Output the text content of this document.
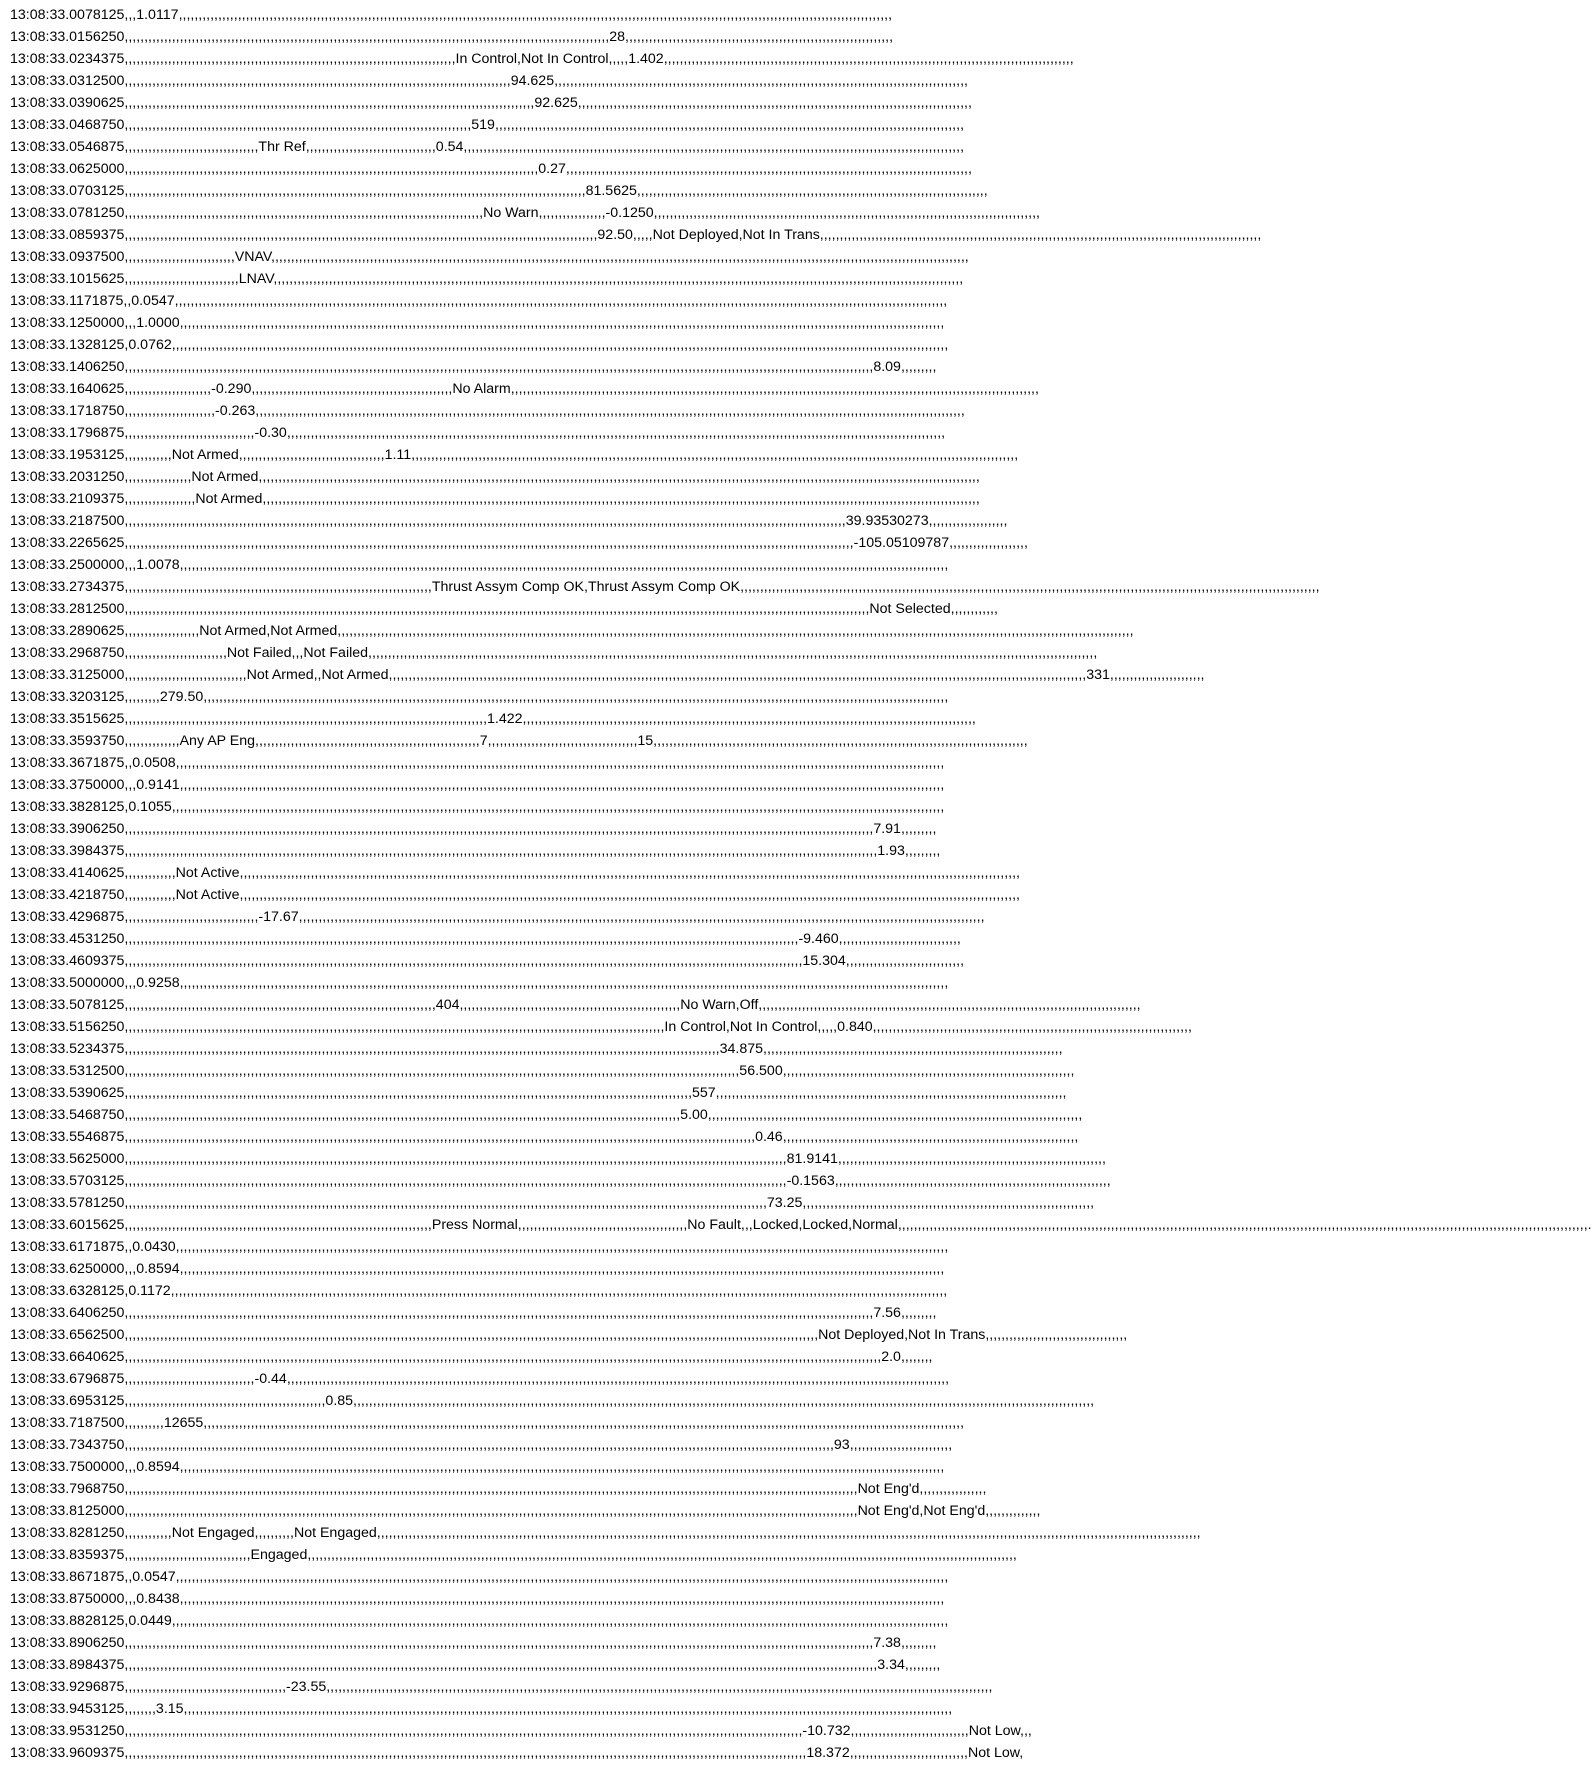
13:08:33.0078125,,,1.0117,,,,,,,,,,,,,,,,,,,,,,,,,,,,,,,,,,,,,,,,,,,,,,,,,,,,,,,,,,,,,,,,,,,,,,,,,,,,,,,,,,,,,,,,,,,,,,,,,,,,,,,,,,,,,,,,,,,,,,,,,,,,,,,,,,,,,,,,,,,,,,,,,,,,,,,,,,,,,,,,,,,,,,,,,,,,,,,,,,,,,
13:08:33.0156250,,,,,,,,,,,,,,,,,,,,,,,,,,,,,,,,,,,,,,,,,,,,,,,,,,,,,,,,,,,,,,,,,,,,,,,,,,,,,,,,,,,,,,,,,,,,,,,,,,,,,,,,,,,,,,,,,,,,,,,,,,,28,,,,,,,,,,,,,,,,,,,,,,,,,,,,,,,,,,,,,,,,,,,,,,,,,,,,,,,,,,,,,,,,,,,,
13:08:33.0234375,,,,,,,,,,,,,,,,,,,,,,,,,,,,,,,,,,,,,,,,,,,,,,,,,,,,,,,,,,,,,,,,,,,,,,,,,,,,,,,,,,,,In Control,Not In Control,,,,,1.402,,,,,,,,,,,,,,,,,,,,,,,,,,,,,,,,,,,,,,,,,,,,,,,,,,,,,,,,,,,,,,,,,,,,,,,,,,,,,,,,,,,,,,,,,,,,,,,,,,,,,,,,
13:08:33.0312500,,,,,,,,,,,,,,,,,,,,,,,,,,,,,,,,,,,,,,,,,,,,,,,,,,,,,,,,,,,,,,,,,,,,,,,,,,,,,,,,,,,,,,,,,,,,,,,,,,94.625,,,,,,,,,,,,,,,,,,,,,,,,,,,,,,,,,,,,,,,,,,,,,,,,,,,,,,,,,,,,,,,,,,,,,,,,,,,,,,,,,,,,,,,,,,,,,,,,,,,,,,,,,
13:08:33.0390625,,,,,,,,,,,,,,,,,,,,,,,,,,,,,,,,,,,,,,,,,,,,,,,,,,,,,,,,,,,,,,,,,,,,,,,,,,,,,,,,,,,,,,,,,,,,,,,,,,,,,,,,92.625,,,,,,,,,,,,,,,,,,,,,,,,,,,,,,,,,,,,,,,,,,,,,,,,,,,,,,,,,,,,,,,,,,,,,,,,,,,,,,,,,,,,,,,,,,,,,,,,,,,,
13:08:33.0468750,,,,,,,,,,,,,,,,,,,,,,,,,,,,,,,,,,,,,,,,,,,,,,,,,,,,,,,,,,,,,,,,,,,,,,,,,,,,,,,,,,,,,,,,519,,,,,,,,,,,,,,,,,,,,,,,,,,,,,,,,,,,,,,,,,,,,,,,,,,,,,,,,,,,,,,,,,,,,,,,,,,,,,,,,,,,,,,,,,,,,,,,,,,,,,,,,,,,,,,,,,,,,,,,
13:08:33.0546875,,,,,,,,,,,,,,,,,,,,,,,,,,,,,,,,,,Thr Ref,,,,,,,,,,,,,,,,,,,,,,,,,,,,,,,,,0.54,,,,,,,,,,,,,,,,,,,,,,,,,,,,,,,,,,,,,,,,,,,,,,,,,,,,,,,,,,,,,,,,,,,,,,,,,,,,,,,,,,,,,,,,,,,,,,,,,,,,,,,,,,,,,,,,,,,,,,,,,,,,,,,
13:08:33.0625000,,,,,,,,,,,,,,,,,,,,,,,,,,,,,,,,,,,,,,,,,,,,,,,,,,,,,,,,,,,,,,,,,,,,,,,,,,,,,,,,,,,,,,,,,,,,,,,,,,,,,,,,,0.27,,,,,,,,,,,,,,,,,,,,,,,,,,,,,,,,,,,,,,,,,,,,,,,,,,,,,,,,,,,,,,,,,,,,,,,,,,,,,,,,,,,,,,,,,,,,,,,,,,,,,,,
13:08:33.0703125,,,,,,,,,,,,,,,,,,,,,,,,,,,,,,,,,,,,,,,,,,,,,,,,,,,,,,,,,,,,,,,,,,,,,,,,,,,,,,,,,,,,,,,,,,,,,,,,,,,,,,,,,,,,,,,,,,,,,81.5625,,,,,,,,,,,,,,,,,,,,,,,,,,,,,,,,,,,,,,,,,,,,,,,,,,,,,,,,,,,,,,,,,,,,,,,,,,,,,,,,,,,,,,,,,
13:08:33.0781250,,,,,,,,,,,,,,,,,,,,,,,,,,,,,,,,,,,,,,,,,,,,,,,,,,,,,,,,,,,,,,,,,,,,,,,,,,,,,,,,,,,,,,,,,,,No Warn,,,,,,,,,,,,,,,,,-0.1250,,,,,,,,,,,,,,,,,,,,,,,,,,,,,,,,,,,,,,,,,,,,,,,,,,,,,,,,,,,,,,,,,,,,,,,,,,,,,,,,,,,,,,,,,,,,,,,,,,
13:08:33.0859375,,,,,,,,,,,,,,,,,,,,,,,,,,,,,,,,,,,,,,,,,,,,,,,,,,,,,,,,,,,,,,,,,,,,,,,,,,,,,,,,,,,,,,,,,,,,,,,,,,,,,,,,,,,,,,,,,,,,,,,,92.50,,,,,Not Deployed,Not In Trans,,,,,,,,,,,,,,,,,,,,,,,,,,,,,,,,,,,,,,,,,,,,,,,,,,,,,,,,,,,,,,,,,,,,,,,,,,,,,,,,,,,,,,,,,,,,,,,,,,,,,,,,,,,,,,,,
13:08:33.0937500,,,,,,,,,,,,,,,,,,,,,,,,,,,,VNAV,,,,,,,,,,,,,,,,,,,,,,,,,,,,,,,,,,,,,,,,,,,,,,,,,,,,,,,,,,,,,,,,,,,,,,,,,,,,,,,,,,,,,,,,,,,,,,,,,,,,,,,,,,,,,,,,,,,,,,,,,,,,,,,,,,,,,,,,,,,,,,,,,,,,,,,,,,,,,,,,,,,,,,,,,,,,,,,,,
13:08:33.1015625,,,,,,,,,,,,,,,,,,,,,,,,,,,,,LNAV,,,,,,,,,,,,,,,,,,,,,,,,,,,,,,,,,,,,,,,,,,,,,,,,,,,,,,,,,,,,,,,,,,,,,,,,,,,,,,,,,,,,,,,,,,,,,,,,,,,,,,,,,,,,,,,,,,,,,,,,,,,,,,,,,,,,,,,,,,,,,,,,,,,,,,,,,,,,,,,,,,,,,,,,,,,,,,,
13:08:33.1171875,,0.0547,,,,,,,,,,,,,,,,,,,,,,,,,,,,,,,,,,,,,,,,,,,,,,,,,,,,,,,,,,,,,,,,,,,,,,,,,,,,,,,,,,,,,,,,,,,,,,,,,,,,,,,,,,,,,,,,,,,,,,,,,,,,,,,,,,,,,,,,,,,,,,,,,,,,,,,,,,,,,,,,,,,,,,,,,,,,,,,,,,,,,,,,,,,,,,,,,,,,
13:08:33.1250000,,,1.0000,,,,,,,,,,,,,,,,,,,,,,,,,,,,,,,,,,,,,,,,,,,,,,,,,,,,,,,,,,,,,,,,,,,,,,,,,,,,,,,,,,,,,,,,,,,,,,,,,,,,,,,,,,,,,,,,,,,,,,,,,,,,,,,,,,,,,,,,,,,,,,,,,,,,,,,,,,,,,,,,,,,,,,,,,,,,,,,,,,,,,,,,,,,,,,,,,,
13:08:33.1328125,0.0762,,,,,,,,,,,,,,,,,,,,,,,,,,,,,,,,,,,,,,,,,,,,,,,,,,,,,,,,,,,,,,,,,,,,,,,,,,,,,,,,,,,,,,,,,,,,,,,,,,,,,,,,,,,,,,,,,,,,,,,,,,,,,,,,,,,,,,,,,,,,,,,,,,,,,,,,,,,,,,,,,,,,,,,,,,,,,,,,,,,,,,,,,,,,,,,,,,,,,
13:08:33.1406250,,,,,,,,,,,,,,,,,,,,,,,,,,,,,,,,,,,,,,,,,,,,,,,,,,,,,,,,,,,,,,,,,,,,,,,,,,,,,,,,,,,,,,,,,,,,,,,,,,,,,,,,,,,,,,,,,,,,,,,,,,,,,,,,,,,,,,,,,,,,,,,,,,,,,,,,,,,,,,,,,,,,,,,,,,,,,,,,,,,,,,,,,,,,,,8.09,,,,,,,,,
13:08:33.1640625,,,,,,,,,,,,,,,,,,,,,,-0.290,,,,,,,,,,,,,,,,,,,,,,,,,,,,,,,,,,,,,,,,,,,,,,,,,,,No Alarm,,,,,,,,,,,,,,,,,,,,,,,,,,,,,,,,,,,,,,,,,,,,,,,,,,,,,,,,,,,,,,,,,,,,,,,,,,,,,,,,,,,,,,,,,,,,,,,,,,,,,,,,,,,,,,,,,,,,,,,,,,,,,,,,,,,,,,
13:08:33.1718750,,,,,,,,,,,,,,,,,,,,,,,-0.263,,,,,,,,,,,,,,,,,,,,,,,,,,,,,,,,,,,,,,,,,,,,,,,,,,,,,,,,,,,,,,,,,,,,,,,,,,,,,,,,,,,,,,,,,,,,,,,,,,,,,,,,,,,,,,,,,,,,,,,,,,,,,,,,,,,,,,,,,,,,,,,,,,,,,,,,,,,,,,,,,,,,,,,,,,,,,,,,,,,,
13:08:33.1796875,,,,,,,,,,,,,,,,,,,,,,,,,,,,,,,,,-0.30,,,,,,,,,,,,,,,,,,,,,,,,,,,,,,,,,,,,,,,,,,,,,,,,,,,,,,,,,,,,,,,,,,,,,,,,,,,,,,,,,,,,,,,,,,,,,,,,,,,,,,,,,,,,,,,,,,,,,,,,,,,,,,,,,,,,,,,,,,,,,,,,,,,,,,,,,,,,,,,,,,,,,,,
13:08:33.1953125,,,,,,,,,,,,Not Armed,,,,,,,,,,,,,,,,,,,,,,,,,,,,,,,,,,,,,1.11,,,,,,,,,,,,,,,,,,,,,,,,,,,,,,,,,,,,,,,,,,,,,,,,,,,,,,,,,,,,,,,,,,,,,,,,,,,,,,,,,,,,,,,,,,,,,,,,,,,,,,,,,,,,,,,,,,,,,,,,,,,,,,,,,,,,,,,,,,,,,,,,,,,,,,,,,,
13:08:33.2031250,,,,,,,,,,,,,,,,,Not Armed,,,,,,,,,,,,,,,,,,,,,,,,,,,,,,,,,,,,,,,,,,,,,,,,,,,,,,,,,,,,,,,,,,,,,,,,,,,,,,,,,,,,,,,,,,,,,,,,,,,,,,,,,,,,,,,,,,,,,,,,,,,,,,,,,,,,,,,,,,,,,,,,,,,,,,,,,,,,,,,,,,,,,,,,,,,,,,,,,,,,,,,
13:08:33.2109375,,,,,,,,,,,,,,,,,,Not Armed,,,,,,,,,,,,,,,,,,,,,,,,,,,,,,,,,,,,,,,,,,,,,,,,,,,,,,,,,,,,,,,,,,,,,,,,,,,,,,,,,,,,,,,,,,,,,,,,,,,,,,,,,,,,,,,,,,,,,,,,,,,,,,,,,,,,,,,,,,,,,,,,,,,,,,,,,,,,,,,,,,,,,,,,,,,,,,,,,,,,,,
13:08:33.2187500,,,,,,,,,,,,,,,,,,,,,,,,,,,,,,,,,,,,,,,,,,,,,,,,,,,,,,,,,,,,,,,,,,,,,,,,,,,,,,,,,,,,,,,,,,,,,,,,,,,,,,,,,,,,,,,,,,,,,,,,,,,,,,,,,,,,,,,,,,,,,,,,,,,,,,,,,,,,,,,,,,,,,,,,,,,,,,,,,,,,,,,39.93530273,,,,,,,,,,,,,,,,,,,,
13:08:33.2265625,,,,,,,,,,,,,,,,,,,,,,,,,,,,,,,,,,,,,,,,,,,,,,,,,,,,,,,,,,,,,,,,,,,,,,,,,,,,,,,,,,,,,,,,,,,,,,,,,,,,,,,,,,,,,,,,,,,,,,,,,,,,,,,,,,,,,,,,,,,,,,,,,,,,,,,,,,,,,,,,,,,,,,,,,,,,,,,,,,,,,,,,,-105.05109787,,,,,,,,,,,,,,,,,,,,
13:08:33.2500000,,,1.0078,,,,,,,,,,,,,,,,,,,,,,,,,,,,,,,,,,,,,,,,,,,,,,,,,,,,,,,,,,,,,,,,,,,,,,,,,,,,,,,,,,,,,,,,,,,,,,,,,,,,,,,,,,,,,,,,,,,,,,,,,,,,,,,,,,,,,,,,,,,,,,,,,,,,,,,,,,,,,,,,,,,,,,,,,,,,,,,,,,,,,,,,,,,,,,,,,,,
13:08:33.2734375,,,,,,,,,,,,,,,,,,,,,,,,,,,,,,,,,,,,,,,,,,,,,,,,,,,,,,,,,,,,,,,,,,,,,,,,,,,,,,Thrust Assym Comp OK,Thrust Assym Comp OK,,,,,,,,,,,,,,,,,,,,,,,,,,,,,,,,,,,,,,,,,,,,,,,,,,,,,,,,,,,,,,,,,,,,,,,,,,,,,,,,,,,,,,,,,,,,,,,,,,,,,,,,,,,,,,,,,,,,,,,,,,,,,,,,,,,,,,,,,,,,,,,,,,,
13:08:33.2812500,,,,,,,,,,,,,,,,,,,,,,,,,,,,,,,,,,,,,,,,,,,,,,,,,,,,,,,,,,,,,,,,,,,,,,,,,,,,,,,,,,,,,,,,,,,,,,,,,,,,,,,,,,,,,,,,,,,,,,,,,,,,,,,,,,,,,,,,,,,,,,,,,,,,,,,,,,,,,,,,,,,,,,,,,,,,,,,,,,,,,,,,,,,,,Not Selected,,,,,,,,,,,,
13:08:33.2890625,,,,,,,,,,,,,,,,,,,Not Armed,Not Armed,,,,,,,,,,,,,,,,,,,,,,,,,,,,,,,,,,,,,,,,,,,,,,,,,,,,,,,,,,,,,,,,,,,,,,,,,,,,,,,,,,,,,,,,,,,,,,,,,,,,,,,,,,,,,,,,,,,,,,,,,,,,,,,,,,,,,,,,,,,,,,,,,,,,,,,,,,,,,,,,,,,,,,,,,,,,,,,,,,,,,,,,,,,,,,,,,,,,,,,,,,
13:08:33.2968750,,,,,,,,,,,,,,,,,,,,,,,,,,Not Failed,,,Not Failed,,,,,,,,,,,,,,,,,,,,,,,,,,,,,,,,,,,,,,,,,,,,,,,,,,,,,,,,,,,,,,,,,,,,,,,,,,,,,,,,,,,,,,,,,,,,,,,,,,,,,,,,,,,,,,,,,,,,,,,,,,,,,,,,,,,,,,,,,,,,,,,,,,,,,,,,,,,,,,,,,,,,,,,,,,,,,,,,,,,,,,,,,
13:08:33.3125000,,,,,,,,,,,,,,,,,,,,,,,,,,,,,,,Not Armed,,Not Armed,,,,,,,,,,,,,,,,,,,,,,,,,,,,,,,,,,,,,,,,,,,,,,,,,,,,,,,,,,,,,,,,,,,,,,,,,,,,,,,,,,,,,,,,,,,,,,,,,,,,,,,,,,,,,,,,,,,,,,,,,,,,,,,,,,,,,,,,,,,,,,,,,,,,,,,,,,,,,,,,,,,,,,,,,,,,,,,,,331,,,,,,,,,,,,,,,,,,,,,,,,
13:08:33.3203125,,,,,,,,,279.50,,,,,,,,,,,,,,,,,,,,,,,,,,,,,,,,,,,,,,,,,,,,,,,,,,,,,,,,,,,,,,,,,,,,,,,,,,,,,,,,,,,,,,,,,,,,,,,,,,,,,,,,,,,,,,,,,,,,,,,,,,,,,,,,,,,,,,,,,,,,,,,,,,,,,,,,,,,,,,,,,,,,,,,,,,,,,,,,,,,,,,,,,,,,,
13:08:33.3515625,,,,,,,,,,,,,,,,,,,,,,,,,,,,,,,,,,,,,,,,,,,,,,,,,,,,,,,,,,,,,,,,,,,,,,,,,,,,,,,,,,,,,,,,,,,,1.422,,,,,,,,,,,,,,,,,,,,,,,,,,,,,,,,,,,,,,,,,,,,,,,,,,,,,,,,,,,,,,,,,,,,,,,,,,,,,,,,,,,,,,,,,,,,,,,,,,,,,,,,,,,,,,,,,,,
13:08:33.3593750,,,,,,,,,,,,,,Any AP Eng,,,,,,,,,,,,,,,,,,,,,,,,,,,,,,,,,,,,,,,,,,,,,,,,,,,,,,,,,7,,,,,,,,,,,,,,,,,,,,,,,,,,,,,,,,,,,,,,15,,,,,,,,,,,,,,,,,,,,,,,,,,,,,,,,,,,,,,,,,,,,,,,,,,,,,,,,,,,,,,,,,,,,,,,,,,,,,,,,,,,,,,,,,,,,,,,
13:08:33.3671875,,0.0508,,,,,,,,,,,,,,,,,,,,,,,,,,,,,,,,,,,,,,,,,,,,,,,,,,,,,,,,,,,,,,,,,,,,,,,,,,,,,,,,,,,,,,,,,,,,,,,,,,,,,,,,,,,,,,,,,,,,,,,,,,,,,,,,,,,,,,,,,,,,,,,,,,,,,,,,,,,,,,,,,,,,,,,,,,,,,,,,,,,,,,,,,,,,,,,,,,,
13:08:33.3750000,,,0.9141,,,,,,,,,,,,,,,,,,,,,,,,,,,,,,,,,,,,,,,,,,,,,,,,,,,,,,,,,,,,,,,,,,,,,,,,,,,,,,,,,,,,,,,,,,,,,,,,,,,,,,,,,,,,,,,,,,,,,,,,,,,,,,,,,,,,,,,,,,,,,,,,,,,,,,,,,,,,,,,,,,,,,,,,,,,,,,,,,,,,,,,,,,,,,,,,,,
13:08:33.3828125,0.1055,,,,,,,,,,,,,,,,,,,,,,,,,,,,,,,,,,,,,,,,,,,,,,,,,,,,,,,,,,,,,,,,,,,,,,,,,,,,,,,,,,,,,,,,,,,,,,,,,,,,,,,,,,,,,,,,,,,,,,,,,,,,,,,,,,,,,,,,,,,,,,,,,,,,,,,,,,,,,,,,,,,,,,,,,,,,,,,,,,,,,,,,,,,,,,,,,,,,
13:08:33.3906250,,,,,,,,,,,,,,,,,,,,,,,,,,,,,,,,,,,,,,,,,,,,,,,,,,,,,,,,,,,,,,,,,,,,,,,,,,,,,,,,,,,,,,,,,,,,,,,,,,,,,,,,,,,,,,,,,,,,,,,,,,,,,,,,,,,,,,,,,,,,,,,,,,,,,,,,,,,,,,,,,,,,,,,,,,,,,,,,,,,,,,,,,,,,,,7.91,,,,,,,,,
13:08:33.3984375,,,,,,,,,,,,,,,,,,,,,,,,,,,,,,,,,,,,,,,,,,,,,,,,,,,,,,,,,,,,,,,,,,,,,,,,,,,,,,,,,,,,,,,,,,,,,,,,,,,,,,,,,,,,,,,,,,,,,,,,,,,,,,,,,,,,,,,,,,,,,,,,,,,,,,,,,,,,,,,,,,,,,,,,,,,,,,,,,,,,,,,,,,,,,,,1.93,,,,,,,,,
13:08:33.4140625,,,,,,,,,,,,,Not Active,,,,,,,,,,,,,,,,,,,,,,,,,,,,,,,,,,,,,,,,,,,,,,,,,,,,,,,,,,,,,,,,,,,,,,,,,,,,,,,,,,,,,,,,,,,,,,,,,,,,,,,,,,,,,,,,,,,,,,,,,,,,,,,,,,,,,,,,,,,,,,,,,,,,,,,,,,,,,,,,,,,,,,,,,,,,,,,,,,,,,,,,,,,,,,,,,,,,,,
13:08:33.4218750,,,,,,,,,,,,,Not Active,,,,,,,,,,,,,,,,,,,,,,,,,,,,,,,,,,,,,,,,,,,,,,,,,,,,,,,,,,,,,,,,,,,,,,,,,,,,,,,,,,,,,,,,,,,,,,,,,,,,,,,,,,,,,,,,,,,,,,,,,,,,,,,,,,,,,,,,,,,,,,,,,,,,,,,,,,,,,,,,,,,,,,,,,,,,,,,,,,,,,,,,,,,,,,,,,,,,,,
13:08:33.4296875,,,,,,,,,,,,,,,,,,,,,,,,,,,,,,,,,,-17.67,,,,,,,,,,,,,,,,,,,,,,,,,,,,,,,,,,,,,,,,,,,,,,,,,,,,,,,,,,,,,,,,,,,,,,,,,,,,,,,,,,,,,,,,,,,,,,,,,,,,,,,,,,,,,,,,,,,,,,,,,,,,,,,,,,,,,,,,,,,,,,,,,,,,,,,,,,,,,,,,,,,,,,,,,,,,,,
13:08:33.4531250,,,,,,,,,,,,,,,,,,,,,,,,,,,,,,,,,,,,,,,,,,,,,,,,,,,,,,,,,,,,,,,,,,,,,,,,,,,,,,,,,,,,,,,,,,,,,,,,,,,,,,,,,,,,,,,,,,,,,,,,,,,,,,,,,,,,,,,,,,,,,,,,,,,,,,,,,,,,,,,,,,,,,,,,,,,-9.460,,,,,,,,,,,,,,,,,,,,,,,,,,,,,,,
13:08:33.4609375,,,,,,,,,,,,,,,,,,,,,,,,,,,,,,,,,,,,,,,,,,,,,,,,,,,,,,,,,,,,,,,,,,,,,,,,,,,,,,,,,,,,,,,,,,,,,,,,,,,,,,,,,,,,,,,,,,,,,,,,,,,,,,,,,,,,,,,,,,,,,,,,,,,,,,,,,,,,,,,,,,,,,,,,,,,,15.304,,,,,,,,,,,,,,,,,,,,,,,,,,,,,,
13:08:33.5000000,,,0.9258,,,,,,,,,,,,,,,,,,,,,,,,,,,,,,,,,,,,,,,,,,,,,,,,,,,,,,,,,,,,,,,,,,,,,,,,,,,,,,,,,,,,,,,,,,,,,,,,,,,,,,,,,,,,,,,,,,,,,,,,,,,,,,,,,,,,,,,,,,,,,,,,,,,,,,,,,,,,,,,,,,,,,,,,,,,,,,,,,,,,,,,,,,,,,,,,,,,
13:08:33.5078125,,,,,,,,,,,,,,,,,,,,,,,,,,,,,,,,,,,,,,,,,,,,,,,,,,,,,,,,,,,,,,,,,,,,,,,,,,,,,,,404,,,,,,,,,,,,,,,,,,,,,,,,,,,,,,,,,,,,,,,,,,,,,,,,,,,,,,,,No Warn,Off,,,,,,,,,,,,,,,,,,,,,,,,,,,,,,,,,,,,,,,,,,,,,,,,,,,,,,,,,,,,,,,,,,,,,,,,,,,,,,,,,,,,,,,,,,,,,,,,,
13:08:33.5156250,,,,,,,,,,,,,,,,,,,,,,,,,,,,,,,,,,,,,,,,,,,,,,,,,,,,,,,,,,,,,,,,,,,,,,,,,,,,,,,,,,,,,,,,,,,,,,,,,,,,,,,,,,,,,,,,,,,,,,,,,,,,,,,,,,,,,,,,,In Control,Not In Control,,,,,0.840,,,,,,,,,,,,,,,,,,,,,,,,,,,,,,,,,,,,,,,,,,,,,,,,,,,,,,,,,,,,,,,,,,,,,,,,,,,,,,,,,
13:08:33.5234375,,,,,,,,,,,,,,,,,,,,,,,,,,,,,,,,,,,,,,,,,,,,,,,,,,,,,,,,,,,,,,,,,,,,,,,,,,,,,,,,,,,,,,,,,,,,,,,,,,,,,,,,,,,,,,,,,,,,,,,,,,,,,,,,,,,,,,,,,,,,,,,,,,,,,,,34.875,,,,,,,,,,,,,,,,,,,,,,,,,,,,,,,,,,,,,,,,,,,,,,,,,,,,,,,,,,,,,,,,,,,,,,,,,,,,
13:08:33.5312500,,,,,,,,,,,,,,,,,,,,,,,,,,,,,,,,,,,,,,,,,,,,,,,,,,,,,,,,,,,,,,,,,,,,,,,,,,,,,,,,,,,,,,,,,,,,,,,,,,,,,,,,,,,,,,,,,,,,,,,,,,,,,,,,,,,,,,,,,,,,,,,,,,,,,,,,,,,,56.500,,,,,,,,,,,,,,,,,,,,,,,,,,,,,,,,,,,,,,,,,,,,,,,,,,,,,,,,,,,,,,,,,,,,,,,,,,
13:08:33.5390625,,,,,,,,,,,,,,,,,,,,,,,,,,,,,,,,,,,,,,,,,,,,,,,,,,,,,,,,,,,,,,,,,,,,,,,,,,,,,,,,,,,,,,,,,,,,,,,,,,,,,,,,,,,,,,,,,,,,,,,,,,,,,,,,,,,,,,,,,,,,,,,,557,,,,,,,,,,,,,,,,,,,,,,,,,,,,,,,,,,,,,,,,,,,,,,,,,,,,,,,,,,,,,,,,,,,,,,,,,,,,,,,,,,,,,,,,,
13:08:33.5468750,,,,,,,,,,,,,,,,,,,,,,,,,,,,,,,,,,,,,,,,,,,,,,,,,,,,,,,,,,,,,,,,,,,,,,,,,,,,,,,,,,,,,,,,,,,,,,,,,,,,,,,,,,,,,,,,,,,,,,,,,,,,,,,,,,,,,,,,,,,,,5.00,,,,,,,,,,,,,,,,,,,,,,,,,,,,,,,,,,,,,,,,,,,,,,,,,,,,,,,,,,,,,,,,,,,,,,,,,,,,,,,,,,,,,,,,,,,,,,,
13:08:33.5546875,,,,,,,,,,,,,,,,,,,,,,,,,,,,,,,,,,,,,,,,,,,,,,,,,,,,,,,,,,,,,,,,,,,,,,,,,,,,,,,,,,,,,,,,,,,,,,,,,,,,,,,,,,,,,,,,,,,,,,,,,,,,,,,,,,,,,,,,,,,,,,,,,,,,,,,,,,,,,,,,0.46,,,,,,,,,,,,,,,,,,,,,,,,,,,,,,,,,,,,,,,,,,,,,,,,,,,,,,,,,,,,,,,,,,,,,,,,,,,
13:08:33.5625000,,,,,,,,,,,,,,,,,,,,,,,,,,,,,,,,,,,,,,,,,,,,,,,,,,,,,,,,,,,,,,,,,,,,,,,,,,,,,,,,,,,,,,,,,,,,,,,,,,,,,,,,,,,,,,,,,,,,,,,,,,,,,,,,,,,,,,,,,,,,,,,,,,,,,,,,,,,,,,,,,,,,,,,,81.9141,,,,,,,,,,,,,,,,,,,,,,,,,,,,,,,,,,,,,,,,,,,,,,,,,,,,,,,,,,,,,,,,,,,,
13:08:33.5703125,,,,,,,,,,,,,,,,,,,,,,,,,,,,,,,,,,,,,,,,,,,,,,,,,,,,,,,,,,,,,,,,,,,,,,,,,,,,,,,,,,,,,,,,,,,,,,,,,,,,,,,,,,,,,,,,,,,,,,,,,,,,,,,,,,,,,,,,,,,,,,,,,,,,,,,,,,,,,,,,,,,,,,,,-0.1563,,,,,,,,,,,,,,,,,,,,,,,,,,,,,,,,,,,,,,,,,,,,,,,,,,,,,,,,,,,,,,,,,,,,,,
13:08:33.5781250,,,,,,,,,,,,,,,,,,,,,,,,,,,,,,,,,,,,,,,,,,,,,,,,,,,,,,,,,,,,,,,,,,,,,,,,,,,,,,,,,,,,,,,,,,,,,,,,,,,,,,,,,,,,,,,,,,,,,,,,,,,,,,,,,,,,,,,,,,,,,,,,,,,,,,,,,,,,,,,,,,,73.25,,,,,,,,,,,,,,,,,,,,,,,,,,,,,,,,,,,,,,,,,,,,,,,,,,,,,,,,,,,,,,,,,,,,,,,,,,
13:08:33.6015625,,,,,,,,,,,,,,,,,,,,,,,,,,,,,,,,,,,,,,,,,,,,,,,,,,,,,,,,,,,,,,,,,,,,,,,,,,,,,,Press Normal,,,,,,,,,,,,,,,,,,,,,,,,,,,,,,,,,,,,,,,,,,,No Fault,,,Locked,Locked,Normal,,,,,,,,,,,,,,,,,,,,,,,,,,,,,,,,,,,,,,,,,,,,,,,,,,,,,,,,,,,,,,,,,,,,,,,,,,,,,,,,,,,,,,,,,,,,,,,,,,,,,,,,,,,,,,,,,,,,,,,,,,,,,,,,,,,,,,,,,,,,,,,,,,,,,,,,,,,,,,,,,,,,,,,,,,,,,,,.
13:08:33.6171875,,0.0430,,,,,,,,,,,,,,,,,,,,,,,,,,,,,,,,,,,,,,,,,,,,,,,,,,,,,,,,,,,,,,,,,,,,,,,,,,,,,,,,,,,,,,,,,,,,,,,,,,,,,,,,,,,,,,,,,,,,,,,,,,,,,,,,,,,,,,,,,,,,,,,,,,,,,,,,,,,,,,,,,,,,,,,,,,,,,,,,,,,,,,,,,,,,,,,,,,,,
13:08:33.6250000,,,0.8594,,,,,,,,,,,,,,,,,,,,,,,,,,,,,,,,,,,,,,,,,,,,,,,,,,,,,,,,,,,,,,,,,,,,,,,,,,,,,,,,,,,,,,,,,,,,,,,,,,,,,,,,,,,,,,,,,,,,,,,,,,,,,,,,,,,,,,,,,,,,,,,,,,,,,,,,,,,,,,,,,,,,,,,,,,,,,,,,,,,,,,,,,,,,,,,,,,
13:08:33.6328125,0.1172,,,,,,,,,,,,,,,,,,,,,,,,,,,,,,,,,,,,,,,,,,,,,,,,,,,,,,,,,,,,,,,,,,,,,,,,,,,,,,,,,,,,,,,,,,,,,,,,,,,,,,,,,,,,,,,,,,,,,,,,,,,,,,,,,,,,,,,,,,,,,,,,,,,,,,,,,,,,,,,,,,,,,,,,,,,,,,,,,,,,,,,,,,,,,,,,,,,,,
13:08:33.6406250,,,,,,,,,,,,,,,,,,,,,,,,,,,,,,,,,,,,,,,,,,,,,,,,,,,,,,,,,,,,,,,,,,,,,,,,,,,,,,,,,,,,,,,,,,,,,,,,,,,,,,,,,,,,,,,,,,,,,,,,,,,,,,,,,,,,,,,,,,,,,,,,,,,,,,,,,,,,,,,,,,,,,,,,,,,,,,,,,,,,,,,,,,,,,,7.56,,,,,,,,,
13:08:33.6562500,,,,,,,,,,,,,,,,,,,,,,,,,,,,,,,,,,,,,,,,,,,,,,,,,,,,,,,,,,,,,,,,,,,,,,,,,,,,,,,,,,,,,,,,,,,,,,,,,,,,,,,,,,,,,,,,,,,,,,,,,,,,,,,,,,,,,,,,,,,,,,,,,,,,,,,,,,,,,,,,,,,,,,,,,,,,,,,,Not Deployed,Not In Trans,,,,,,,,,,,,,,,,,,,,,,,,,,,,,,,,,,,,
13:08:33.6640625,,,,,,,,,,,,,,,,,,,,,,,,,,,,,,,,,,,,,,,,,,,,,,,,,,,,,,,,,,,,,,,,,,,,,,,,,,,,,,,,,,,,,,,,,,,,,,,,,,,,,,,,,,,,,,,,,,,,,,,,,,,,,,,,,,,,,,,,,,,,,,,,,,,,,,,,,,,,,,,,,,,,,,,,,,,,,,,,,,,,,,,,,,,,,,,,2.0,,,,,,,,
13:08:33.6796875,,,,,,,,,,,,,,,,,,,,,,,,,,,,,,,,,-0.44,,,,,,,,,,,,,,,,,,,,,,,,,,,,,,,,,,,,,,,,,,,,,,,,,,,,,,,,,,,,,,,,,,,,,,,,,,,,,,,,,,,,,,,,,,,,,,,,,,,,,,,,,,,,,,,,,,,,,,,,,,,,,,,,,,,,,,,,,,,,,,,,,,,,,,,,,,,,,,,,,,,,,,,,
13:08:33.6953125,,,,,,,,,,,,,,,,,,,,,,,,,,,,,,,,,,,,,,,,,,,,,,,,,,,0.85,,,,,,,,,,,,,,,,,,,,,,,,,,,,,,,,,,,,,,,,,,,,,,,,,,,,,,,,,,,,,,,,,,,,,,,,,,,,,,,,,,,,,,,,,,,,,,,,,,,,,,,,,,,,,,,,,,,,,,,,,,,,,,,,,,,,,,,,,,,,,,,,,,,,,,,,,,,,,,,,,,,,,,,,,,,,,,,,,,,,,,,,,,,,
13:08:33.7187500,,,,,,,,,,12655,,,,,,,,,,,,,,,,,,,,,,,,,,,,,,,,,,,,,,,,,,,,,,,,,,,,,,,,,,,,,,,,,,,,,,,,,,,,,,,,,,,,,,,,,,,,,,,,,,,,,,,,,,,,,,,,,,,,,,,,,,,,,,,,,,,,,,,,,,,,,,,,,,,,,,,,,,,,,,,,,,,,,,,,,,,,,,,,,,,,,,,,,,,,,,,,,
13:08:33.7343750,,,,,,,,,,,,,,,,,,,,,,,,,,,,,,,,,,,,,,,,,,,,,,,,,,,,,,,,,,,,,,,,,,,,,,,,,,,,,,,,,,,,,,,,,,,,,,,,,,,,,,,,,,,,,,,,,,,,,,,,,,,,,,,,,,,,,,,,,,,,,,,,,,,,,,,,,,,,,,,,,,,,,,,,,,,,,,,,,,,,93,,,,,,,,,,,,,,,,,,,,,,,,,,
13:08:33.7500000,,,0.8594,,,,,,,,,,,,,,,,,,,,,,,,,,,,,,,,,,,,,,,,,,,,,,,,,,,,,,,,,,,,,,,,,,,,,,,,,,,,,,,,,,,,,,,,,,,,,,,,,,,,,,,,,,,,,,,,,,,,,,,,,,,,,,,,,,,,,,,,,,,,,,,,,,,,,,,,,,,,,,,,,,,,,,,,,,,,,,,,,,,,,,,,,,,,,,,,,,
13:08:33.7968750,,,,,,,,,,,,,,,,,,,,,,,,,,,,,,,,,,,,,,,,,,,,,,,,,,,,,,,,,,,,,,,,,,,,,,,,,,,,,,,,,,,,,,,,,,,,,,,,,,,,,,,,,,,,,,,,,,,,,,,,,,,,,,,,,,,,,,,,,,,,,,,,,,,,,,,,,,,,,,,,,,,,,,,,,,,,,,,,,,,,,,,,,,Not Eng'd,,,,,,,,,,,,,,,,,
13:08:33.8125000,,,,,,,,,,,,,,,,,,,,,,,,,,,,,,,,,,,,,,,,,,,,,,,,,,,,,,,,,,,,,,,,,,,,,,,,,,,,,,,,,,,,,,,,,,,,,,,,,,,,,,,,,,,,,,,,,,,,,,,,,,,,,,,,,,,,,,,,,,,,,,,,,,,,,,,,,,,,,,,,,,,,,,,,,,,,,,,,,,,,,,,,,,Not Eng'd,Not Eng'd,,,,,,,,,,,,,,
13:08:33.8281250,,,,,,,,,,,,Not Engaged,,,,,,,,,,Not Engaged,,,,,,,,,,,,,,,,,,,,,,,,,,,,,,,,,,,,,,,,,,,,,,,,,,,,,,,,,,,,,,,,,,,,,,,,,,,,,,,,,,,,,,,,,,,,,,,,,,,,,,,,,,,,,,,,,,,,,,,,,,,,,,,,,,,,,,,,,,,,,,,,,,,,,,,,,,,,,,,,,,,,,,,,,,,,,,,,,,,,,,,,,,,,,,,,,,,,,,,,,,,,,,,,,
13:08:33.8359375,,,,,,,,,,,,,,,,,,,,,,,,,,,,,,,,Engaged,,,,,,,,,,,,,,,,,,,,,,,,,,,,,,,,,,,,,,,,,,,,,,,,,,,,,,,,,,,,,,,,,,,,,,,,,,,,,,,,,,,,,,,,,,,,,,,,,,,,,,,,,,,,,,,,,,,,,,,,,,,,,,,,,,,,,,,,,,,,,,,,,,,,,,,,,,,,,,,,,,,,,,,,,,,,,,,,,,,,
13:08:33.8671875,,0.0547,,,,,,,,,,,,,,,,,,,,,,,,,,,,,,,,,,,,,,,,,,,,,,,,,,,,,,,,,,,,,,,,,,,,,,,,,,,,,,,,,,,,,,,,,,,,,,,,,,,,,,,,,,,,,,,,,,,,,,,,,,,,,,,,,,,,,,,,,,,,,,,,,,,,,,,,,,,,,,,,,,,,,,,,,,,,,,,,,,,,,,,,,,,,,,,,,,,,
13:08:33.8750000,,,0.8438,,,,,,,,,,,,,,,,,,,,,,,,,,,,,,,,,,,,,,,,,,,,,,,,,,,,,,,,,,,,,,,,,,,,,,,,,,,,,,,,,,,,,,,,,,,,,,,,,,,,,,,,,,,,,,,,,,,,,,,,,,,,,,,,,,,,,,,,,,,,,,,,,,,,,,,,,,,,,,,,,,,,,,,,,,,,,,,,,,,,,,,,,,,,,,,,,,
13:08:33.8828125,0.0449,,,,,,,,,,,,,,,,,,,,,,,,,,,,,,,,,,,,,,,,,,,,,,,,,,,,,,,,,,,,,,,,,,,,,,,,,,,,,,,,,,,,,,,,,,,,,,,,,,,,,,,,,,,,,,,,,,,,,,,,,,,,,,,,,,,,,,,,,,,,,,,,,,,,,,,,,,,,,,,,,,,,,,,,,,,,,,,,,,,,,,,,,,,,,,,,,,,,,
13:08:33.8906250,,,,,,,,,,,,,,,,,,,,,,,,,,,,,,,,,,,,,,,,,,,,,,,,,,,,,,,,,,,,,,,,,,,,,,,,,,,,,,,,,,,,,,,,,,,,,,,,,,,,,,,,,,,,,,,,,,,,,,,,,,,,,,,,,,,,,,,,,,,,,,,,,,,,,,,,,,,,,,,,,,,,,,,,,,,,,,,,,,,,,,,,,,,,,,7.38,,,,,,,,,
13:08:33.8984375,,,,,,,,,,,,,,,,,,,,,,,,,,,,,,,,,,,,,,,,,,,,,,,,,,,,,,,,,,,,,,,,,,,,,,,,,,,,,,,,,,,,,,,,,,,,,,,,,,,,,,,,,,,,,,,,,,,,,,,,,,,,,,,,,,,,,,,,,,,,,,,,,,,,,,,,,,,,,,,,,,,,,,,,,,,,,,,,,,,,,,,,,,,,,,,3.34,,,,,,,,,
13:08:33.9296875,,,,,,,,,,,,,,,,,,,,,,,,,,,,,,,,,,,,,,,,,-23.55,,,,,,,,,,,,,,,,,,,,,,,,,,,,,,,,,,,,,,,,,,,,,,,,,,,,,,,,,,,,,,,,,,,,,,,,,,,,,,,,,,,,,,,,,,,,,,,,,,,,,,,,,,,,,,,,,,,,,,,,,,,,,,,,,,,,,,,,,,,,,,,,,,,,,,,,,,,,,,,,,,,,,,,,,
13:08:33.9453125,,,,,,,,3.15,,,,,,,,,,,,,,,,,,,,,,,,,,,,,,,,,,,,,,,,,,,,,,,,,,,,,,,,,,,,,,,,,,,,,,,,,,,,,,,,,,,,,,,,,,,,,,,,,,,,,,,,,,,,,,,,,,,,,,,,,,,,,,,,,,,,,,,,,,,,,,,,,,,,,,,,,,,,,,,,,,,,,,,,,,,,,,,,,,,,,,,,,,,,,,,,,,,
13:08:33.9531250,,,,,,,,,,,,,,,,,,,,,,,,,,,,,,,,,,,,,,,,,,,,,,,,,,,,,,,,,,,,,,,,,,,,,,,,,,,,,,,,,,,,,,,,,,,,,,,,,,,,,,,,,,,,,,,,,,,,,,,,,,,,,,,,,,,,,,,,,,,,,,,,,,,,,,,,,,,,,,,,,,,,,,,,,,,,-10.732,,,,,,,,,,,,,,,,,,,,,,,,,,,,,,Not Low,,,
13:08:33.9609375,,,,,,,,,,,,,,,,,,,,,,,,,,,,,,,,,,,,,,,,,,,,,,,,,,,,,,,,,,,,,,,,,,,,,,,,,,,,,,,,,,,,,,,,,,,,,,,,,,,,,,,,,,,,,,,,,,,,,,,,,,,,,,,,,,,,,,,,,,,,,,,,,,,,,,,,,,,,,,,,,,,,,,,,,,,,,18.372,,,,,,,,,,,,,,,,,,,,,,,,,,,,,,Not Low,
